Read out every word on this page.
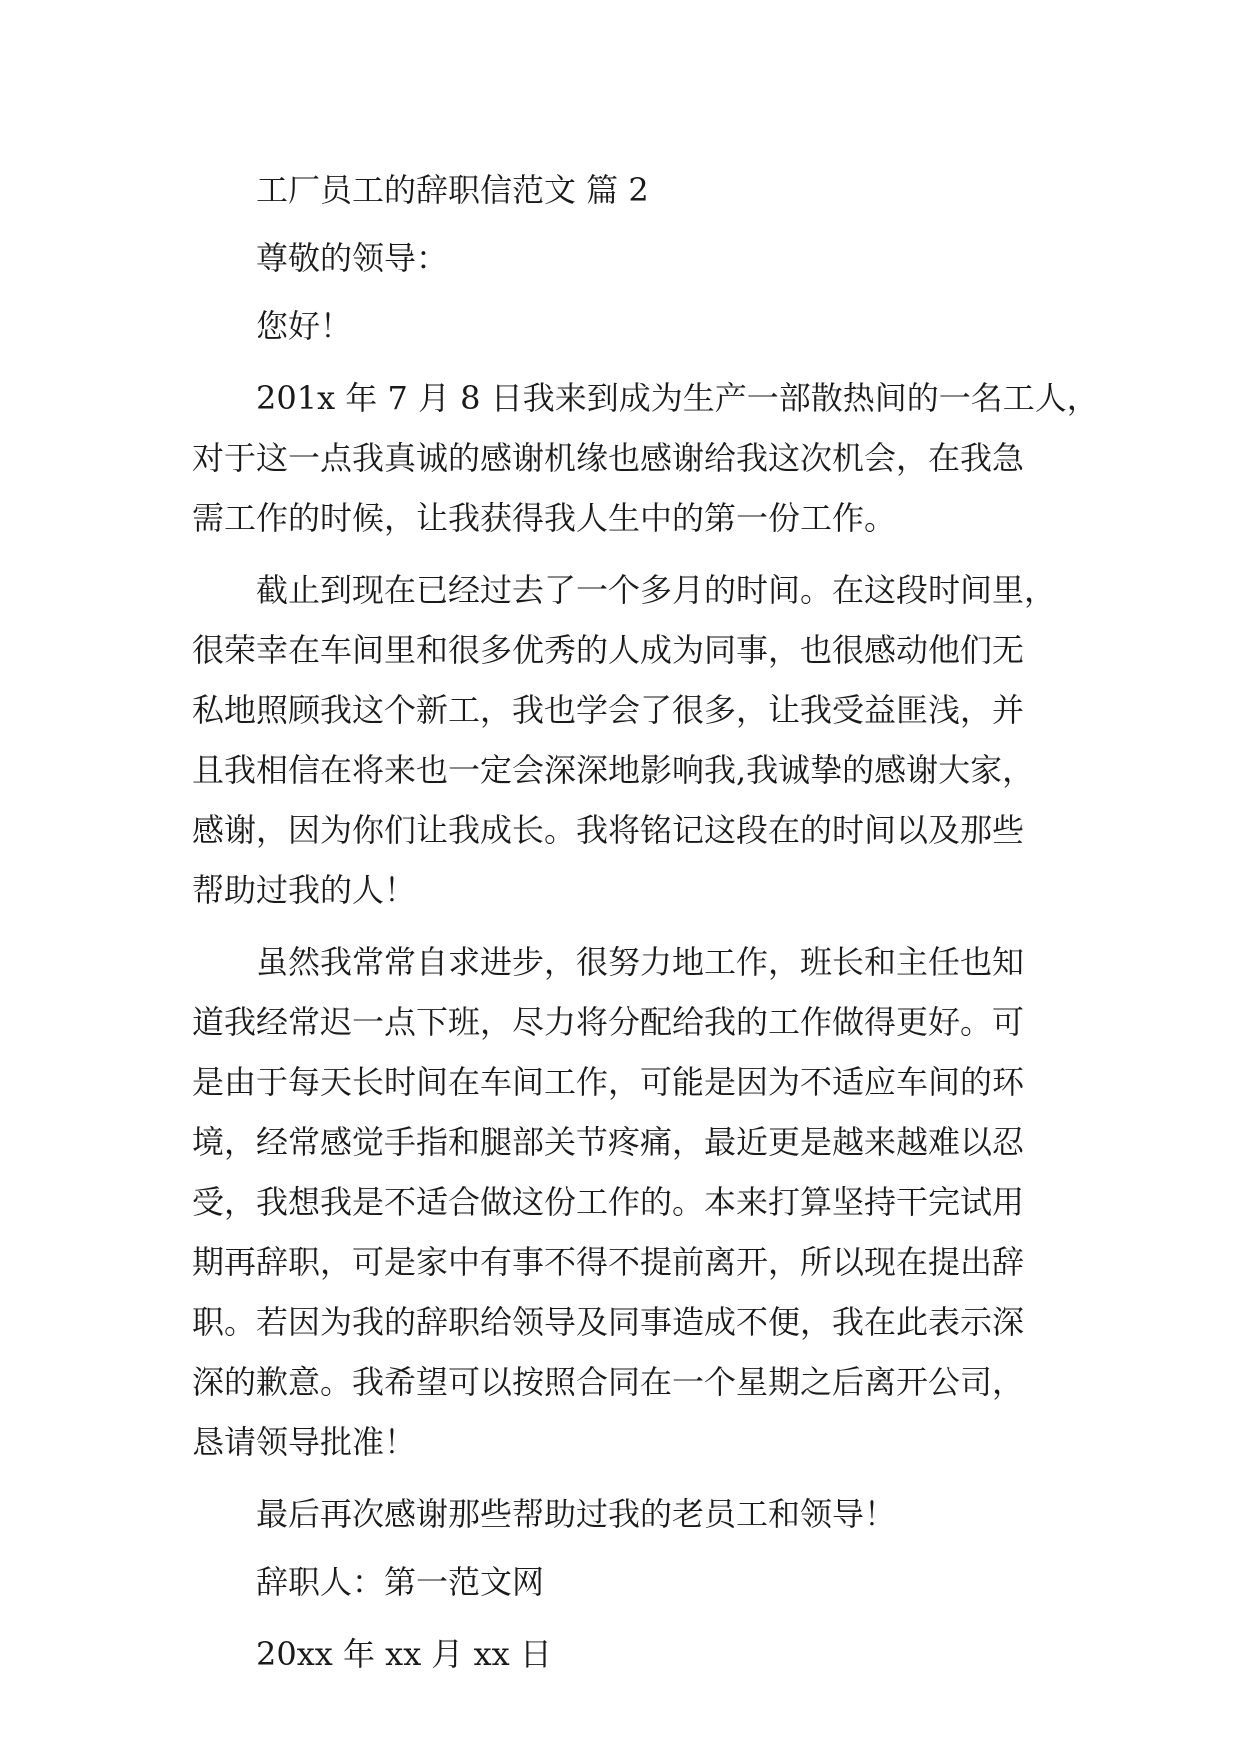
工厂员工的辞职信范文 篇 2

尊敬的领导：

您好！

201x 年 7 月 8 日我来到成为生产一部散热间的一名工人，
对于这一点我真诚的感谢机缘也感谢给我这次机会，在我急
需工作的时候，让我获得我人生中的第一份工作。

截止到现在已经过去了一个多月的时间。在这段时间里，
很荣幸在车间里和很多优秀的人成为同事，也很感动他们无
私地照顾我这个新工，我也学会了很多，让我受益匪浅，并
且我相信在将来也一定会深深地影响我,我诚挚的感谢大家，
感谢，因为你们让我成长。我将铭记这段在的时间以及那些
帮助过我的人！

虽然我常常自求进步，很努力地工作，班长和主任也知
道我经常迟一点下班，尽力将分配给我的工作做得更好。可
是由于每天长时间在车间工作，可能是因为不适应车间的环
境，经常感觉手指和腿部关节疼痛，最近更是越来越难以忍
受，我想我是不适合做这份工作的。本来打算坚持干完试用
期再辞职，可是家中有事不得不提前离开，所以现在提出辞
职。若因为我的辞职给领导及同事造成不便，我在此表示深
深的歉意。我希望可以按照合同在一个星期之后离开公司，
恳请领导批准！

最后再次感谢那些帮助过我的老员工和领导！

辞职人：第一范文网

20xx 年 xx 月 xx 日
